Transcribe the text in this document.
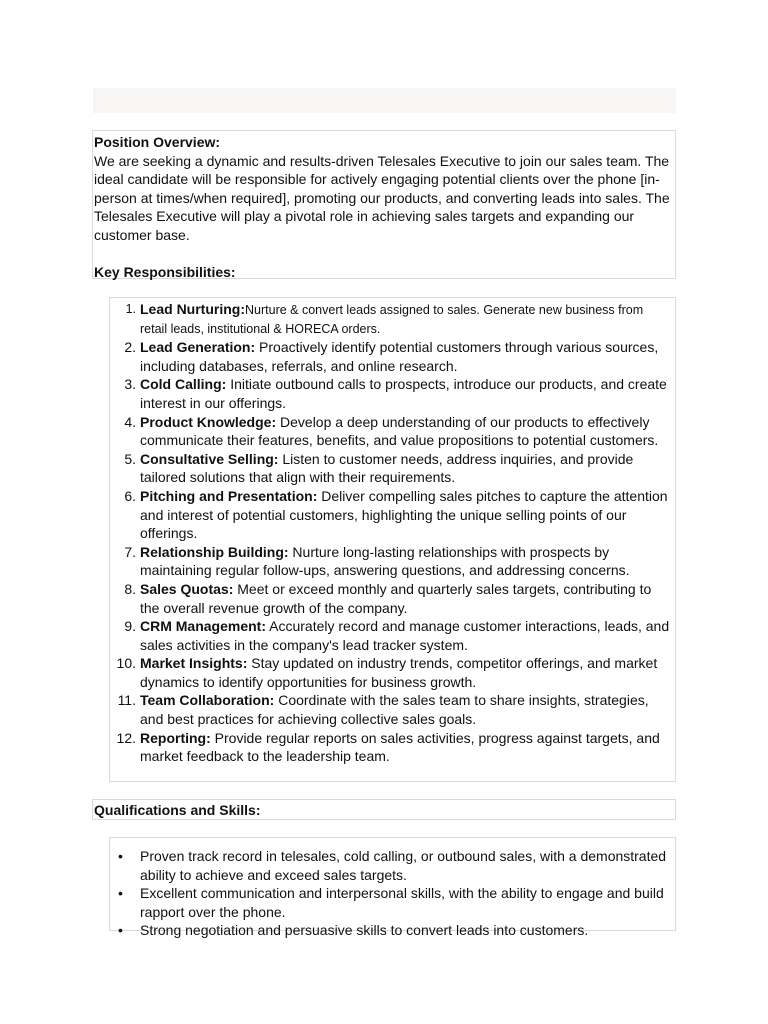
Position Overview:

We are seeking a dynamic and results-driven Telesales Executive to join our sales team. The ideal candidate will be responsible for actively engaging potential clients over the phone [in-person at times/when required], promoting our products, and converting leads into sales. The Telesales Executive will play a pivotal role in achieving sales targets and expanding our customer base.

Key Responsibilities:

1. Lead Nurturing:Nurture & convert leads assigned to sales. Generate new business from retail leads, institutional & HORECA orders.
2. Lead Generation: Proactively identify potential customers through various sources, including databases, referrals, and online research.
3. Cold Calling: Initiate outbound calls to prospects, introduce our products, and create interest in our offerings.
4. Product Knowledge: Develop a deep understanding of our products to effectively communicate their features, benefits, and value propositions to potential customers.
5. Consultative Selling: Listen to customer needs, address inquiries, and provide tailored solutions that align with their requirements.
6. Pitching and Presentation: Deliver compelling sales pitches to capture the attention and interest of potential customers, highlighting the unique selling points of our offerings.
7. Relationship Building: Nurture long-lasting relationships with prospects by maintaining regular follow-ups, answering questions, and addressing concerns.
8. Sales Quotas: Meet or exceed monthly and quarterly sales targets, contributing to the overall revenue growth of the company.
9. CRM Management: Accurately record and manage customer interactions, leads, and sales activities in the company's lead tracker system.
10. Market Insights: Stay updated on industry trends, competitor offerings, and market dynamics to identify opportunities for business growth.
11. Team Collaboration: Coordinate with the sales team to share insights, strategies, and best practices for achieving collective sales goals.
12. Reporting: Provide regular reports on sales activities, progress against targets, and market feedback to the leadership team.
Qualifications and Skills:
• Proven track record in telesales, cold calling, or outbound sales, with a demonstrated ability to achieve and exceed sales targets.
• Excellent communication and interpersonal skills, with the ability to engage and build rapport over the phone.
• Strong negotiation and persuasive skills to convert leads into customers.
